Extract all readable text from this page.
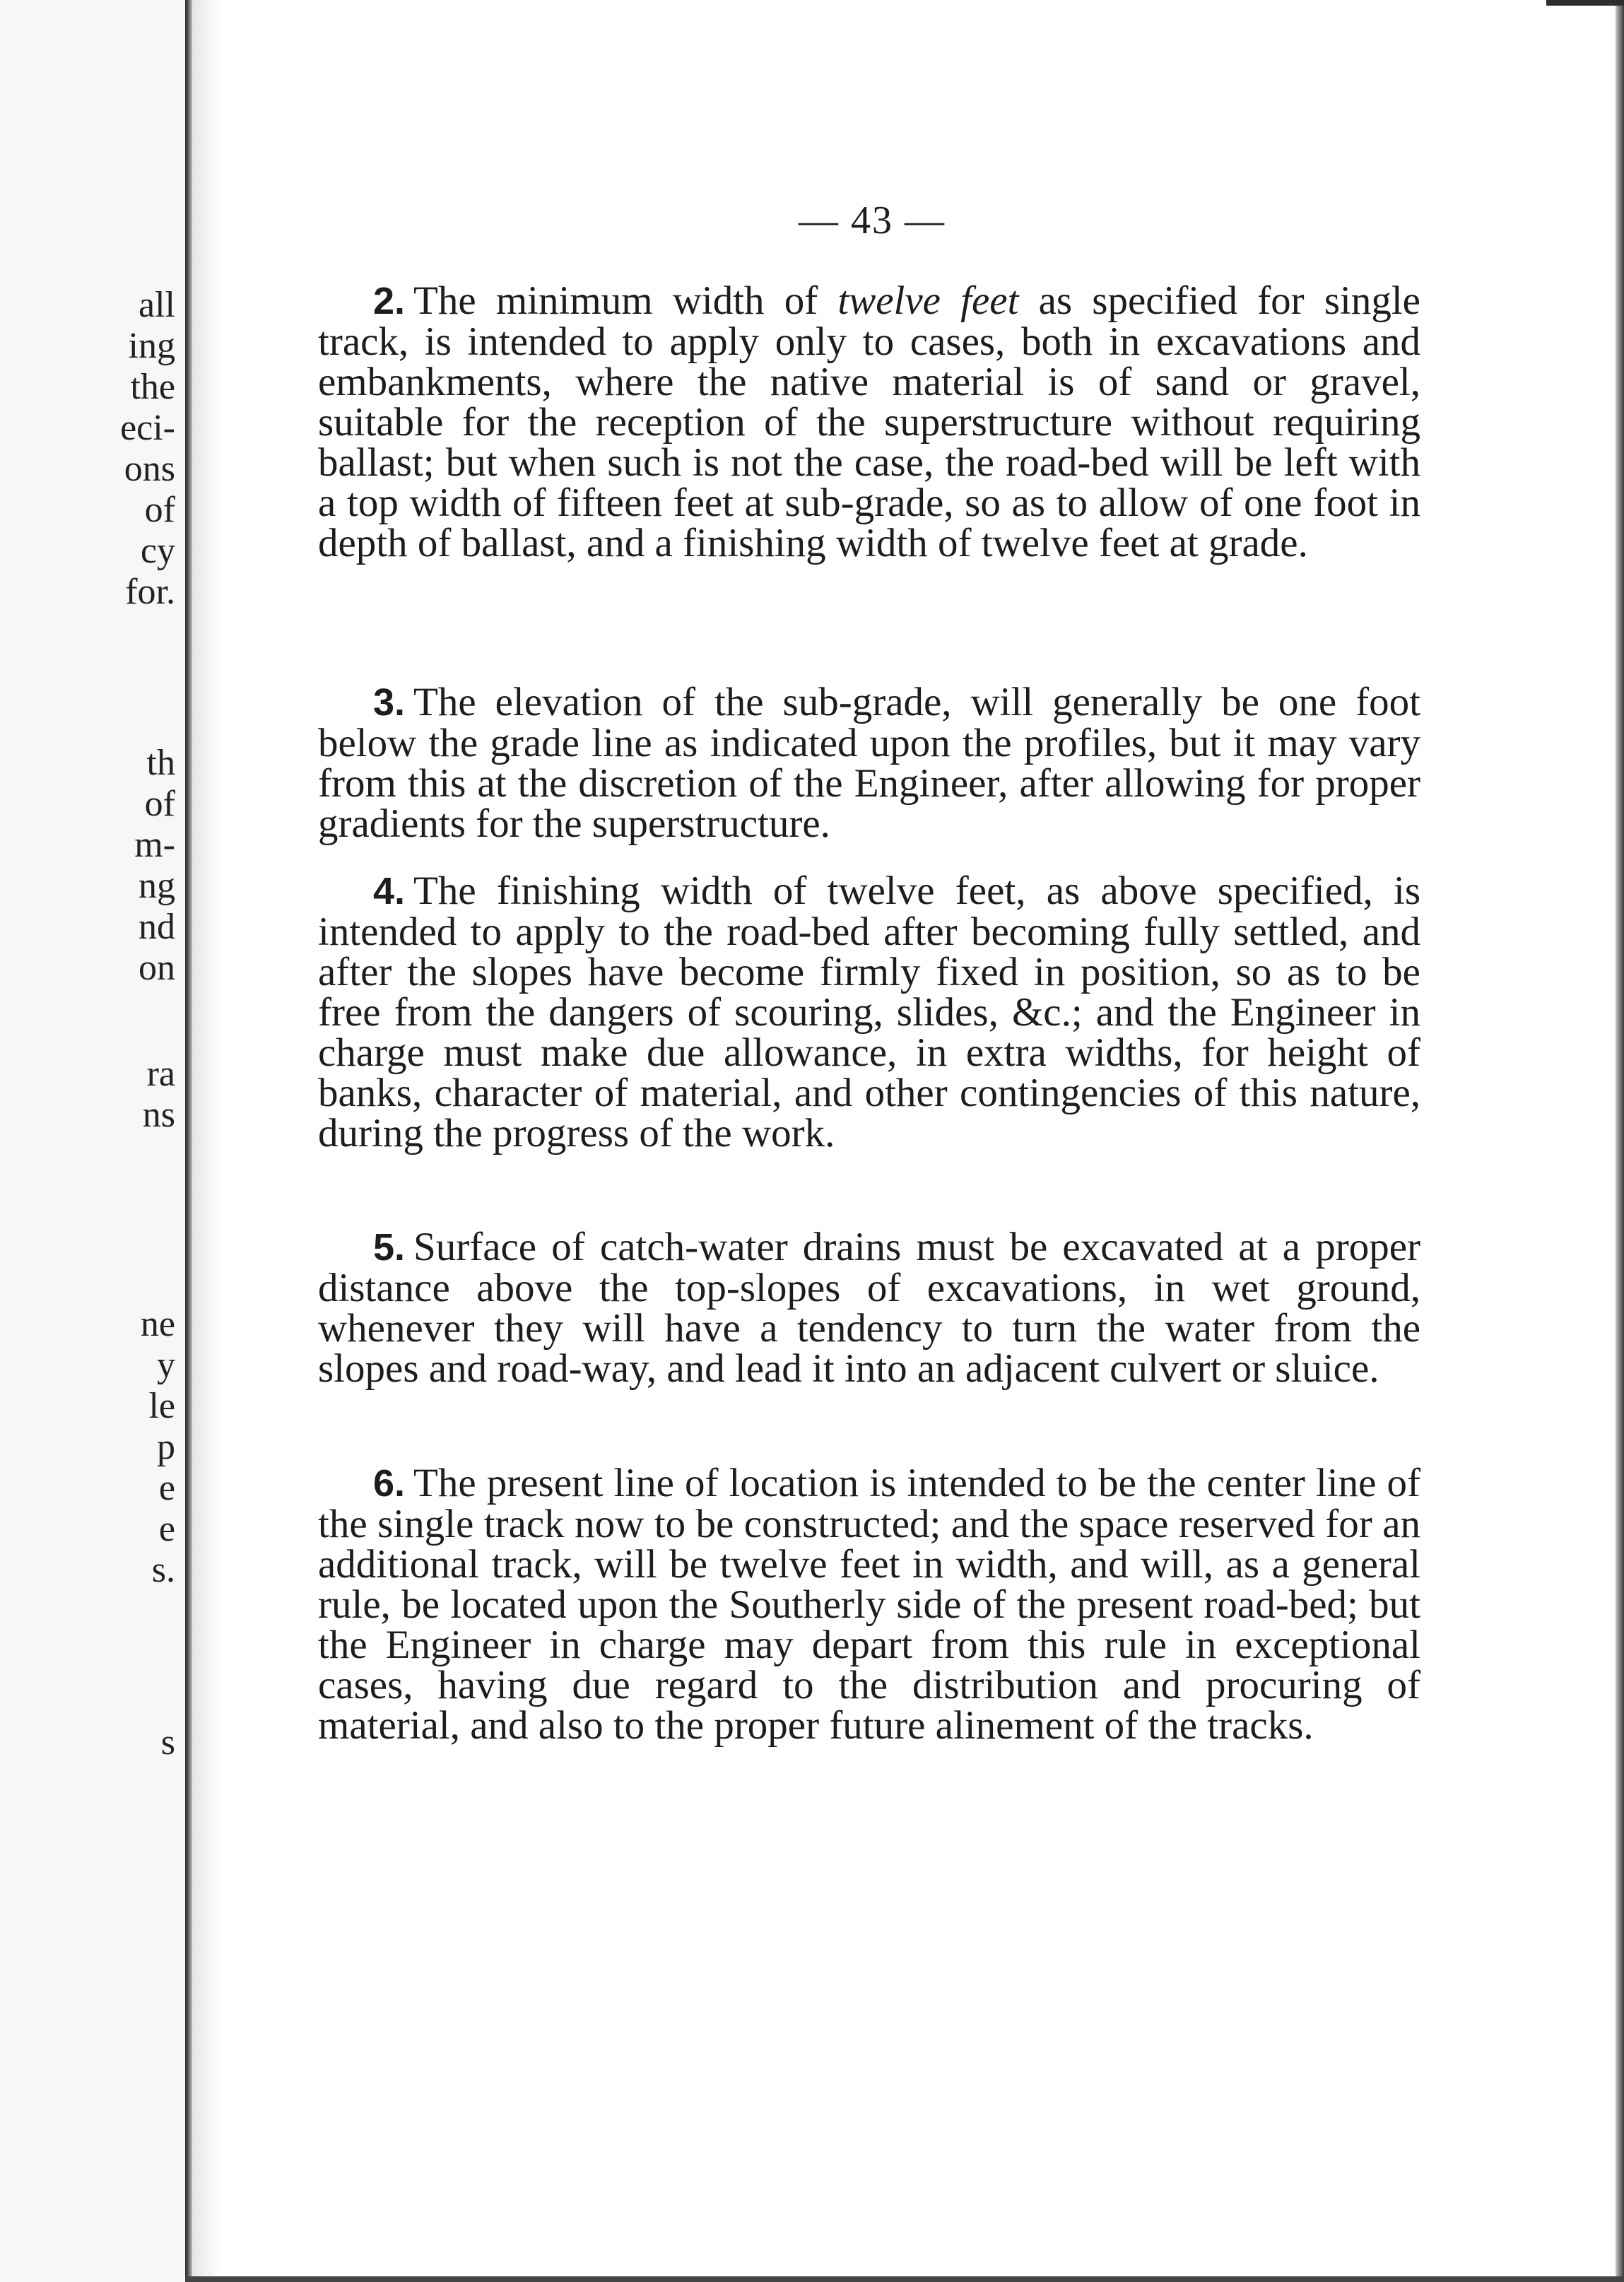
all
ing
the
eci-
ons
of
cy
for.
th
of
m-
ng
nd
on
ra
ns
ne
y
le
p
e
e
s.
s
— 43 —
2. The minimum width of twelve feet as specified for single track, is intended to apply only to cases, both in excavations and embankments, where the native material is of sand or gravel, suitable for the reception of the superstructure without requiring ballast; but when such is not the case, the road-bed will be left with a top width of fifteen feet at sub-grade, so as to allow of one foot in depth of ballast, and a finishing width of twelve feet at grade.
3. The elevation of the sub-grade, will generally be one foot below the grade line as indicated upon the profiles, but it may vary from this at the discretion of the Engineer, after allowing for proper gradients for the superstructure.
4. The finishing width of twelve feet, as above specified, is intended to apply to the road-bed after becoming fully settled, and after the slopes have become firmly fixed in position, so as to be free from the dangers of scouring, slides, &c.; and the Engineer in charge must make due allowance, in extra widths, for height of banks, character of material, and other contingencies of this nature, during the progress of the work.
5. Surface of catch-water drains must be excavated at a proper distance above the top-slopes of excavations, in wet ground, whenever they will have a tendency to turn the water from the slopes and road-way, and lead it into an adjacent culvert or sluice.
6. The present line of location is intended to be the center line of the single track now to be constructed; and the space reserved for an additional track, will be twelve feet in width, and will, as a general rule, be located upon the Southerly side of the present road-bed; but the Engineer in charge may depart from this rule in exceptional cases, having due regard to the distribution and procuring of material, and also to the proper future alinement of the tracks.
